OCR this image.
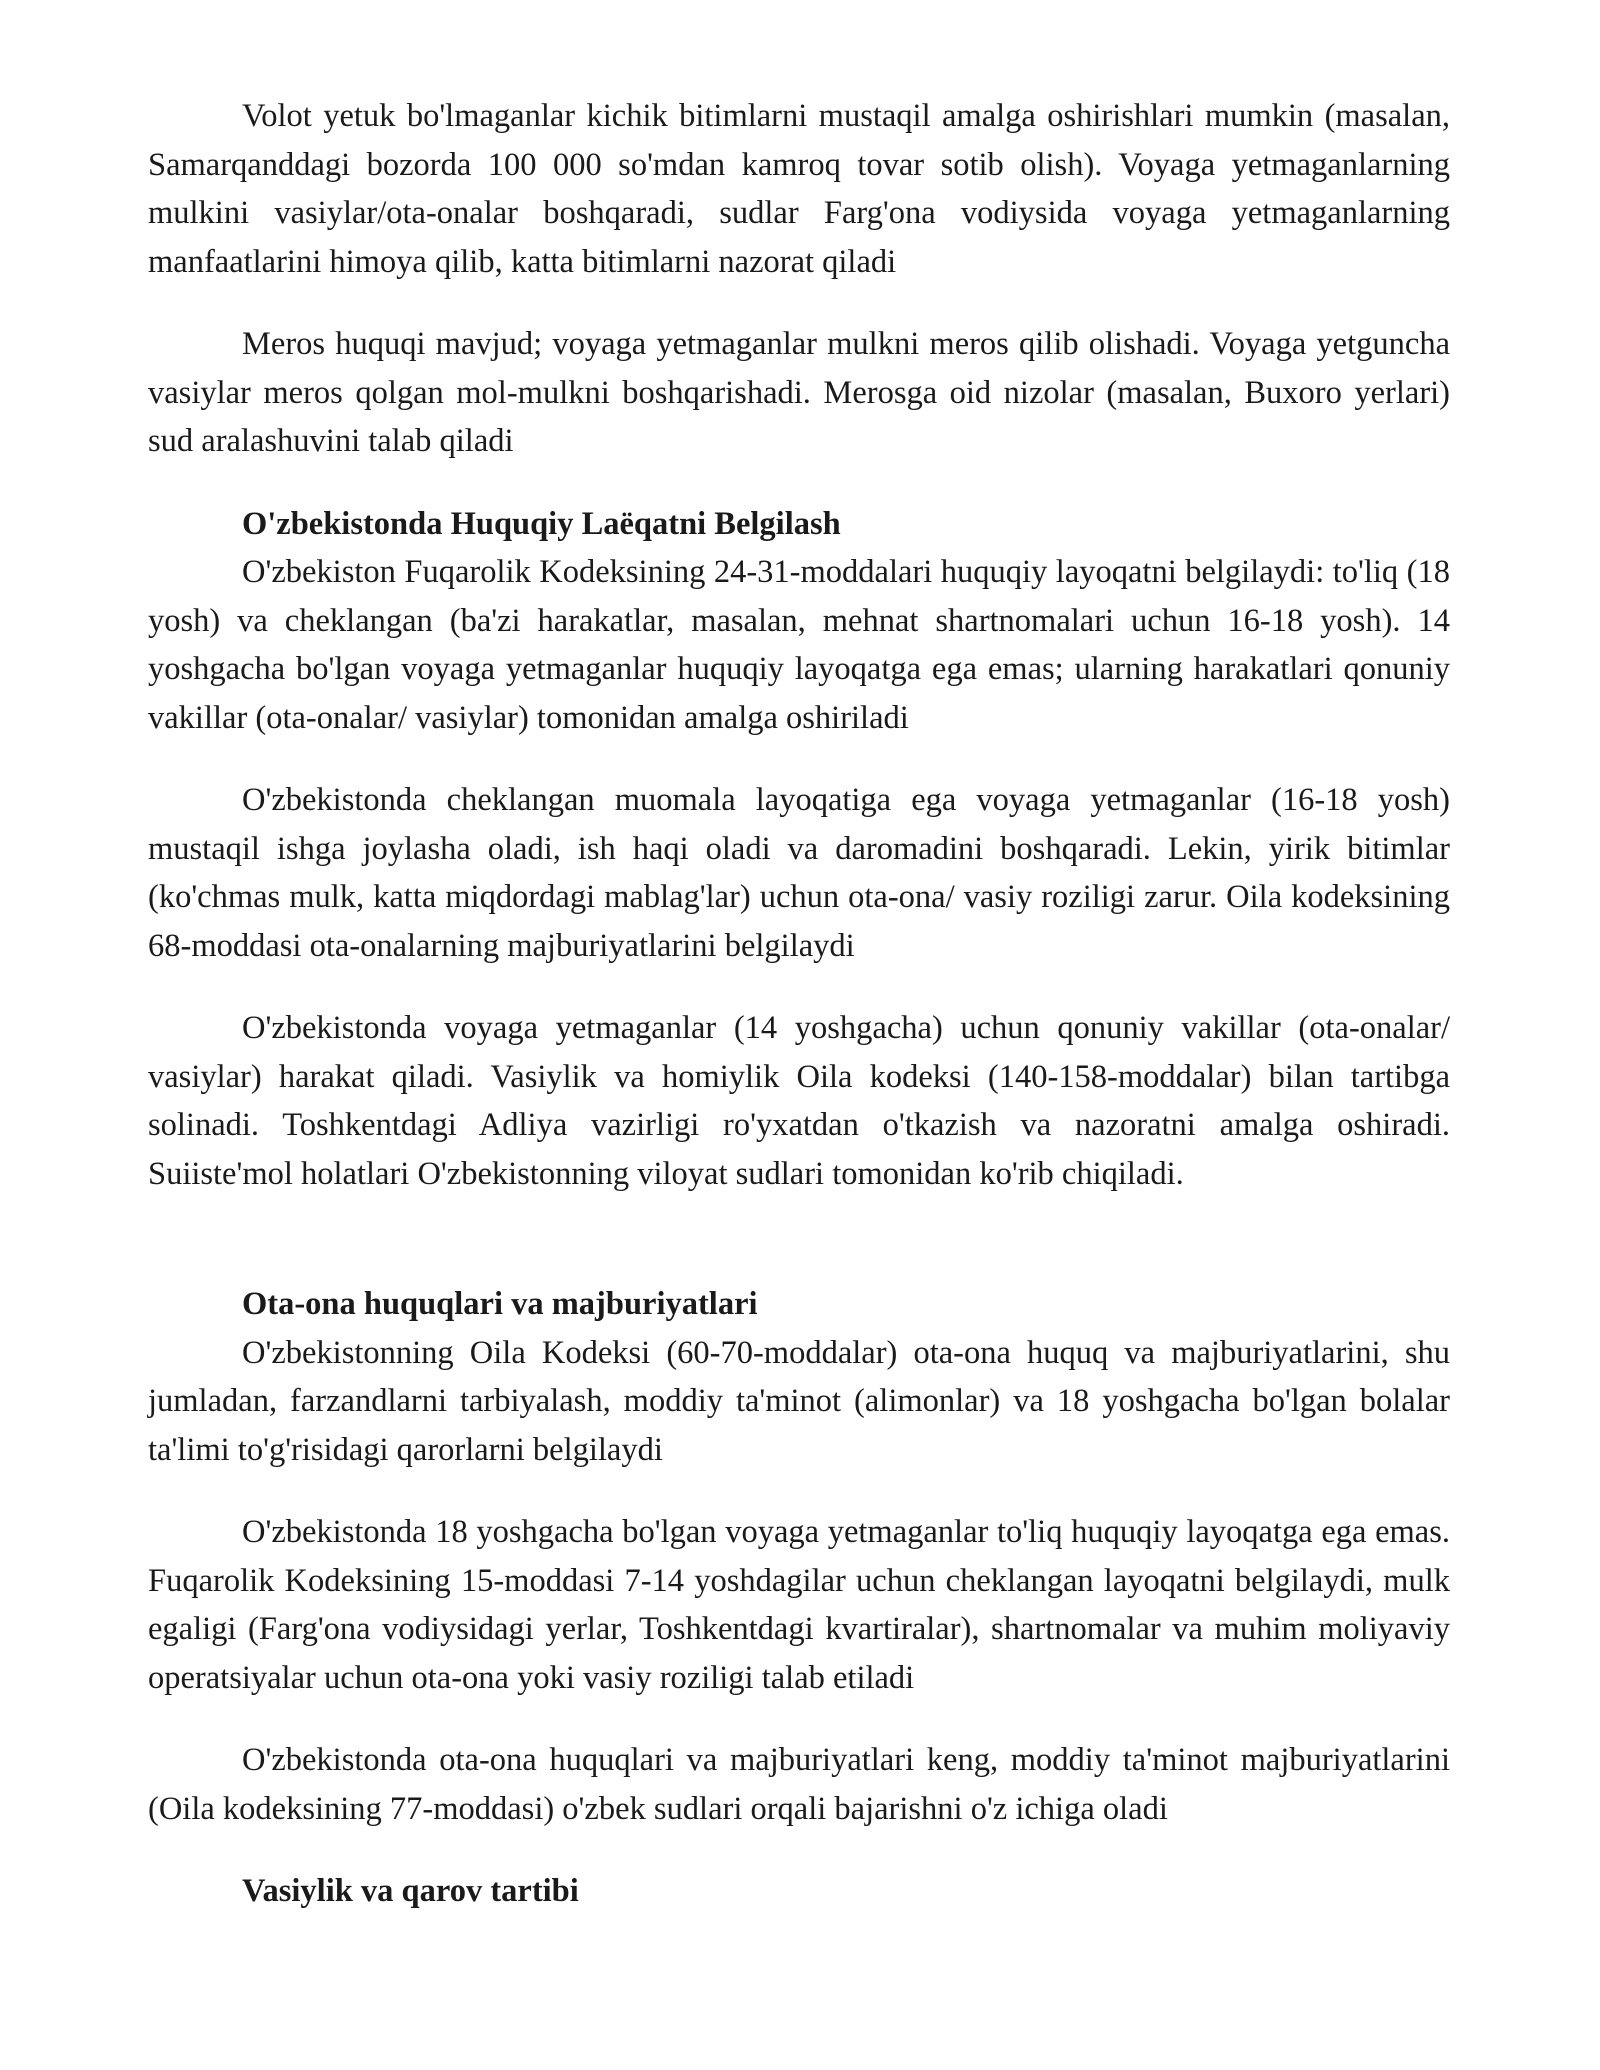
Volot yetuk bo'lmaganlar kichik bitimlarni mustaqil amalga oshirishlari mumkin (masalan, Samarqanddagi bozorda 100 000 so'mdan kamroq tovar sotib olish). Voyaga yetmaganlarning mulkini vasiylar/ota-onalar boshqaradi, sudlar Farg'ona vodiysida voyaga yetmaganlarning manfaatlarini himoya qilib, katta bitimlarni nazorat qiladi

Meros huquqi mavjud; voyaga yetmaganlar mulkni meros qilib olishadi. Voyaga yetguncha vasiylar meros qolgan mol-mulkni boshqarishadi. Merosga oid nizolar (masalan, Buxoro yerlari) sud aralashuvini talab qiladi

O'zbekistonda Huquqiy Laëqatni Belgilash

O'zbekiston Fuqarolik Kodeksining 24-31-moddalari huquqiy layoqatni belgilaydi: to'liq (18 yosh) va cheklangan (ba'zi harakatlar, masalan, mehnat shartnomalari uchun 16-18 yosh). 14 yoshgacha bo'lgan voyaga yetmaganlar huquqiy layoqatga ega emas; ularning harakatlari qonuniy vakillar (ota-onalar/ vasiylar) tomonidan amalga oshiriladi

O'zbekistonda cheklangan muomala layoqatiga ega voyaga yetmaganlar (16-18 yosh) mustaqil ishga joylasha oladi, ish haqi oladi va daromadini boshqaradi. Lekin, yirik bitimlar (ko'chmas mulk, katta miqdordagi mablag'lar) uchun ota-ona/ vasiy roziligi zarur. Oila kodeksining 68-moddasi ota-onalarning majburiyatlarini belgilaydi

O'zbekistonda voyaga yetmaganlar (14 yoshgacha) uchun qonuniy vakillar (ota-onalar/ vasiylar) harakat qiladi. Vasiylik va homiylik Oila kodeksi (140-158-moddalar) bilan tartibga solinadi. Toshkentdagi Adliya vazirligi ro'yxatdan o'tkazish va nazoratni amalga oshiradi. Suiiste'mol holatlari O'zbekistonning viloyat sudlari tomonidan ko'rib chiqiladi.

Ota-ona huquqlari va majburiyatlari

O'zbekistonning Oila Kodeksi (60-70-moddalar) ota-ona huquq va majburiyatlarini, shu jumladan, farzandlarni tarbiyalash, moddiy ta'minot (alimonlar) va 18 yoshgacha bo'lgan bolalar ta'limi to'g'risidagi qarorlarni belgilaydi

O'zbekistonda 18 yoshgacha bo'lgan voyaga yetmaganlar to'liq huquqiy layoqatga ega emas. Fuqarolik Kodeksining 15-moddasi 7-14 yoshdagilar uchun cheklangan layoqatni belgilaydi, mulk egaligi (Farg'ona vodiysidagi yerlar, Toshkentdagi kvartiralar), shartnomalar va muhim moliyaviy operatsiyalar uchun ota-ona yoki vasiy roziligi talab etiladi

O'zbekistonda ota-ona huquqlari va majburiyatlari keng, moddiy ta'minot majburiyatlarini (Oila kodeksining 77-moddasi) o'zbek sudlari orqali bajarishni o'z ichiga oladi

Vasiylik va qarov tartibi
